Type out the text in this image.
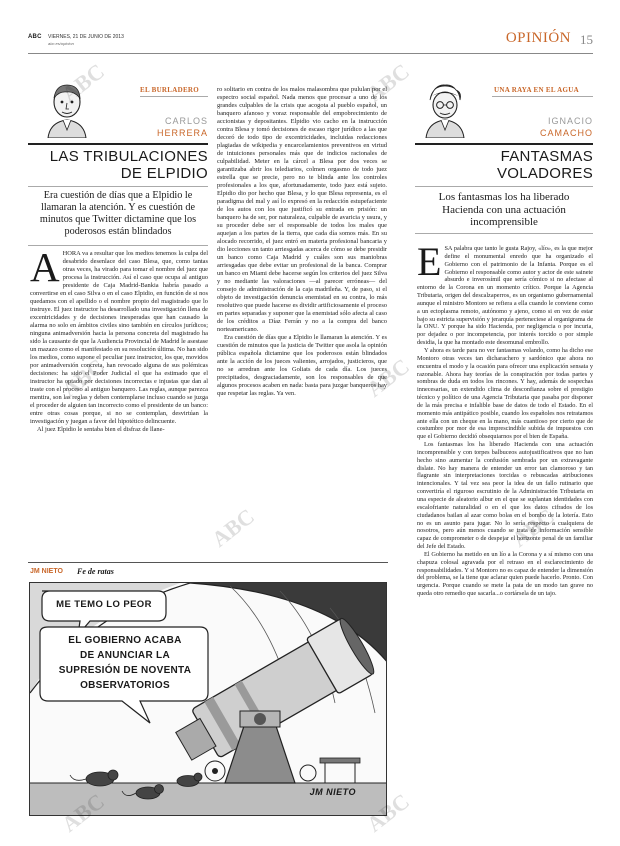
ABC VIERNES, 21 DE JUNIO DE 2013
abc.es/opinion	OPINIÓN 15
EL BURLADERO
CARLOS
HERRERA
LAS TRIBULACIONES
DE ELPIDIO
Era cuestión de días que a Elpidio le llamaran la atención. Y es cuestión de minutos que Twitter dictamine que los poderosos están blindados
A HORA va a resultar que los medios tenemos la culpa del desabrido desenlace del caso Blesa, que, como tantas otras veces, ha virado para tomar el nombre del juez que procesa la instrucción. Así el caso que ocupa al antiguo presidente de Caja Madrid-Bankia habría pasado a convertirse en el caso Silva o en el caso Elpidio, en función de si nos quedamos con el apellido o el nombre propio del magistrado que lo instruye. El juez instructor ha desarrollado una investigación llena de excentricidades y de decisiones inesperadas que han causado la alarma no solo en ámbitos civiles sino también en círculos jurídicos; ninguna animadversión hacia la persona concreta del magistrado ha sido la causante de que la Audiencia Provincial de Madrid le asestase un mazazo como el manifestado en su resolución última. No han sido los medios, como supone el peculiar juez instructor, los que, movidos por animadversión concreta, han revocado alguna de sus polémicas decisiones: ha sido el Poder Judicial el que ha estimado que el instructor ha optado por decisiones incorrectas e injustas que dan al traste con el proceso al antiguo banquero. Las reglas, aunque parezca mentira, son las reglas y deben contemplarse incluso cuando se juzga el proceder de alguien tan incorrecto como el presidente de un banco: entre otras cosas porque, si no se contemplan, desvirtúan la investigación y juegan a favor del hipotético delincuente.

Al juez Elpidio le sentaba bien el disfraz de llane-

ro solitario en contra de los malos malasombra que pululan por el espectro social español. Nada menos que procesar a uno de los grandes culpables de la crisis que acogota al pueblo español, un banquero afanoso y voraz responsable del empobrecimiento de accionistas y depositantes. Elpidio vio cacho en la instrucción contra Blesa y tomó decisiones de escaso rigor jurídico a las que decoró de todo tipo de excentricidades, incluidas redacciones plagiadas de wikipedia y encarcelamientos preventivos en virtud de intuiciones personales más que de indicios racionales de culpabilidad. Meter en la cárcel a Blesa por dos veces se garantizaba abrir los telediarios, colmen orgasmo de todo juez estrella que se precie, pero no te blinda ante los controles profesionales a los que, afortunadamente, todo juez está sujeto. Elpidio dio por hecho que Blesa, y lo que Blesa representa, es el paradigma del mal y así lo expresó en la redacción estupefaciente de los autos con los que justificó su entrada en prisión: un banquero ha de ser, por naturaleza, culpable de avaricia y usura, y su proceder debe ser el responsable de todos los males que aquejan a los partes de la tierra, que cada día somos más. En su alocado recorrido, el juez entró en materia profesional bancaria y dio lecciones un tanto arriesgadas acerca de cómo se debe presidir un banco como Caja Madrid y cuáles son sus maniobras arriesgadas que debe evitar un profesional de la banca. Comprar un banco en Miami debe hacerse según los criterios del juez Silva y no mediante las valoraciones —al parecer erróneas— del consejo de administración de la caja madrileña. Y, de paso, si el objeto de investigación denuncia enemistad en su contra, lo más resolutivo que puede hacerse es dividir artificiosamente el proceso en partes separadas y suponer que la enemistad sólo afecta al caso de los créditos a Díaz Ferrán y no a la compra del banco norteamericano.

Era cuestión de días que a Elpidio le llamaran la atención. Y es cuestión de minutos que la justicia de Twitter que asola la opinión pública española dictamine que los poderosos están blindados ante la acción de los jueces valientes, arrojados, justicieros, que no se arredran ante los Goliats de cada día. Los jueces precipitados, desgraciadamente, son los responsables de que algunos procesos acaben en nada: basta para juzgar banqueros hay que respetar las reglas. Ya ven.

JM NIETO Fe de ratas
ME TEMO LO PEOR
EL GOBIERNO ACABA
DE ANUNCIAR LA
SUPRESIÓN DE NOVENTA
OBSERVATORIOS
JM NIETO
UNA RAYA EN EL AGUA
IGNACIO
CAMACHO
FANTASMAS
VOLADORES
Los fantasmas los ha liberado Hacienda con una actuación incomprensible
E SA palabra que tanto le gusta Rajoy, «lío», es la que mejor define el monumental enredo que ha organizado el Gobierno con el patrimonio de la Infanta. Porque es el Gobierno el responsable como autor y actor de este sainete absurdo e inverosímil que sería cómico si no afectase al entorno de la Corona en un momento crítico. Porque la Agencia Tributaria, origen del descalzaperros, es un organismo gubernamental aunque el ministro Montoro se refiera a ella cuando le conviene como a un ectoplasma remoto, autónomo y ajeno, como si en vez de estar bajo su estricta supervisión y jerarquía perteneciese al organigrama de la ONU. Y porque ha sido Hacienda, por negligencia o por incuria, por dejadez o por incompetencia, por interés torcido o por simple desidia, la que ha montado este desomunal embrollo.

Y ahora es tarde para no ver fantasmas volando, como ha dicho ese Montoro otras veces tan dicharachero y sardónico que ahora no encuentra el modo y la ocasión para ofrecer una explicación sensata y razonable. Ahora hay teorías de la conspiración por todas partes y sombras de duda en todos los rincones. Y hay, además de sospechas innecesarias, un extendido clima de desconfianza sobre el prestigio técnico y político de una Agencia Tributaria que pasaba por disponer de la más precisa e infalible base de datos de todo el Estado. En el momento más antipático posible, cuando los españoles nos retratamos ante ella con un cheque en la mano, más cuantioso por cierto que de costumbre por mor de esa imprescindible subida de impuestos con que el Gobierno decidió obsequiarnos por el bien de España.

Los fantasmas los ha liberado Hacienda con una actuación incomprensible y con torpes balbuceos autojustificativos que no han hecho sino aumentar la confusión sembrada por un extravagante dislate. No hay manera de entender un error tan clamoroso y tan flagrante sin interpretaciones torcidas o rebuscadas atribuciones intencionales. Y tal vez sea peor la idea de un fallo rutinario que convertiría el riguroso escrutinio de la Administración Tributaria en una especie de aleatorio albur en el que se suplantan identidades con escalofriante naturalidad o en el que los datos cifrados de los ciudadanos bailan al azar como bolas en el bombo de la lotería. Esto no es un asunto para jugar. No lo sería respecto a cualquiera de nosotros, pero aún menos cuando se trata de información sensible capaz de comprometer o de despejar el horizonte penal de un familiar del Jefe del Estado.

El Gobierno ha metido en un lío a la Corona y a sí mismo con una chapuza colosal agravada por el retraso en el esclarecimiento de responsabilidades. Y si Montoro no es capaz de entender la dimensión del problema, se la tiene que aclarar quien puede hacerlo. Pronto. Con urgencia. Porque cuando se mete la pata de un modo tan grave no queda otro remedio que sacarla...o cortársela de un tajo.

ABC	ABC
ABC	ABC
ABC	ABC
ABC
